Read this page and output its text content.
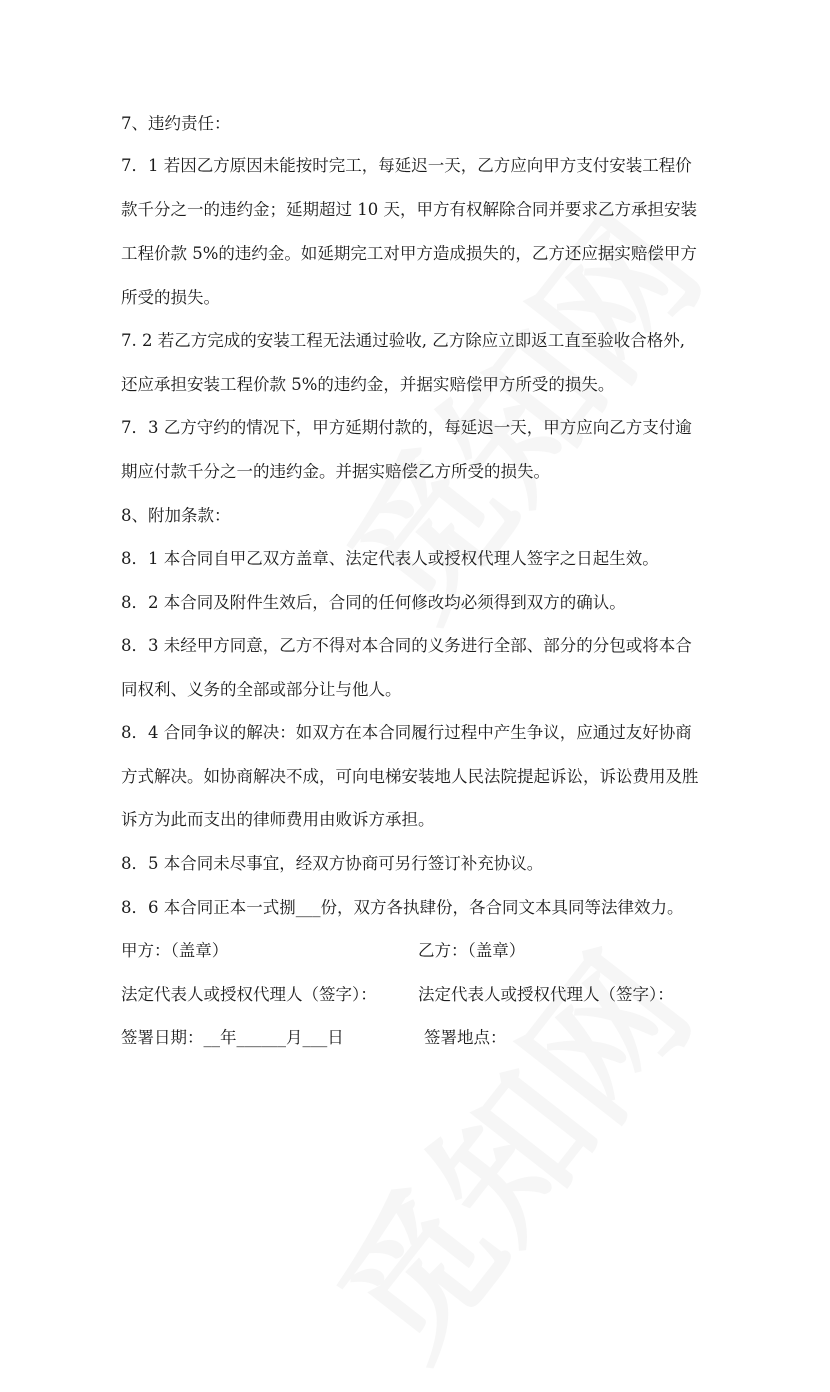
7、违约责任：
7．1 若因乙方原因未能按时完工，每延迟一天，乙方应向甲方支付安装工程价
款千分之一的违约金；延期超过 10 天，甲方有权解除合同并要求乙方承担安装
工程价款 5%的违约金。如延期完工对甲方造成损失的，乙方还应据实赔偿甲方
所受的损失。
7. 2 若乙方完成的安装工程无法通过验收, 乙方除应立即返工直至验收合格外,
还应承担安装工程价款 5%的违约金，并据实赔偿甲方所受的损失。
7．3 乙方守约的情况下，甲方延期付款的，每延迟一天，甲方应向乙方支付逾
期应付款千分之一的违约金。并据实赔偿乙方所受的损失。
8、附加条款：
8．1 本合同自甲乙双方盖章、法定代表人或授权代理人签字之日起生效。
8．2 本合同及附件生效后，合同的任何修改均必须得到双方的确认。
8．3 未经甲方同意，乙方不得对本合同的义务进行全部、部分的分包或将本合
同权利、义务的全部或部分让与他人。
8．4 合同争议的解决：如双方在本合同履行过程中产生争议，应通过友好协商
方式解决。如协商解决不成，可向电梯安装地人民法院提起诉讼，诉讼费用及胜
诉方为此而支出的律师费用由败诉方承担。
8．5 本合同未尽事宜，经双方协商可另行签订补充协议。
8．6 本合同正本一式捌___份，双方各执肆份，各合同文本具同等法律效力。
甲方：（盖章）	乙方：（盖章）
法定代表人或授权代理人（签字）：	法定代表人或授权代理人（签字）：
签署日期：__年______月___日	签署地点：
